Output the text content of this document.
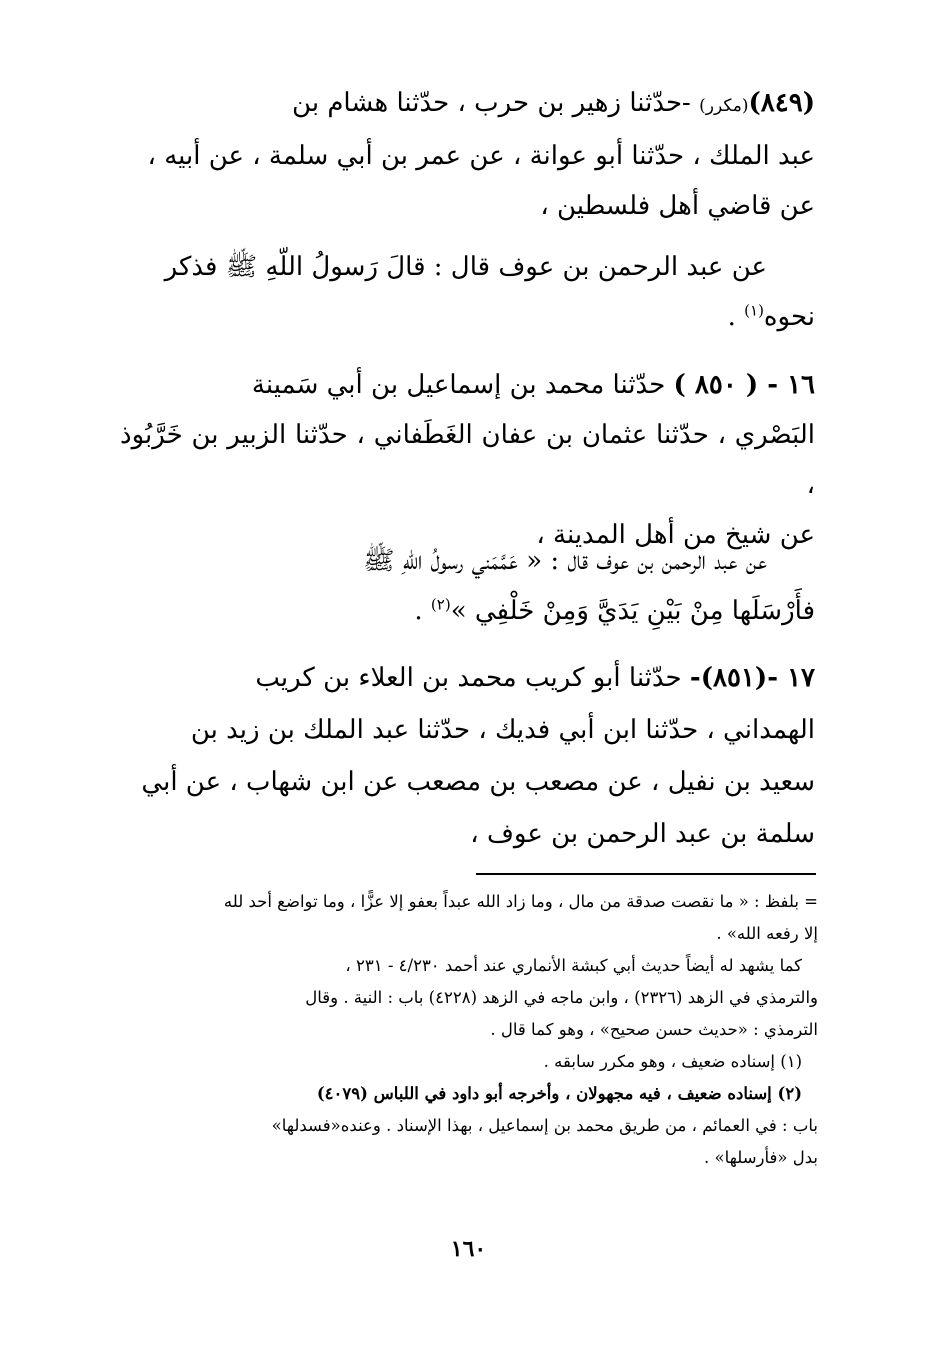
(٨٤٩)(مكرر) -حدّثنا زهير بن حرب ، حدّثنا هشام بن

عبد الملك ، حدّثنا أبو عوانة ، عن عمر بن أبي سلمة ، عن أبيه ،

عن قاضي أهل فلسطين ،

عن عبد الرحمن بن عوف قال : قالَ رَسولُ اللّهِ ﷺ فذكر

نحوه$^{(١)}$ .

١٦ - ( ٨٥٠ ) حدّثنا محمد بن إسماعيل بن أبي سَمينة

البَصْري ، حدّثنا عثمان بن عفان الغَطَفاني ، حدّثنا الزبير بن خَرَّبُوذ ،

عن شيخ من أهل المدينة ،

عن عبد الرحمن بن عوف قال : « عَمَّمَني رسولُ اللّهِ ﷺ

فأَرْسَلَها مِنْ بَيْنِ يَدَيَّ وَمِنْ خَلْفِي »$^{(٢)}$ .

١٧ -(٨٥١)- حدّثنا أبو كريب محمد بن العلاء بن كريب

الهمداني ، حدّثنا ابن أبي فديك ، حدّثنا عبد الملك بن زيد بن

سعيد بن نفيل ، عن مصعب بن مصعب عن ابن شهاب ، عن أبي

سلمة بن عبد الرحمن بن عوف ،

= بلفظ : « ما نقصت صدقة من مال ، وما زاد الله عبداً بعفو إلا عزًّا ، وما تواضع أحد لله

إلا رفعه الله» .

كما يشهد له أيضاً حديث أبي كبشة الأنماري عند أحمد ٤/٢٣٠ - ٢٣١ ،

والترمذي في الزهد (٢٣٢٦) ، وابن ماجه في الزهد (٤٢٢٨) باب : النية . وقال

الترمذي : «حديث حسن صحيح» ، وهو كما قال .

(١) إسناده ضعيف ، وهو مكرر سابقه .

(٢) إسناده ضعيف ، فيه مجهولان ، وأخرجه أبو داود في اللباس (٤٠٧٩)

باب : في العمائم ، من طريق محمد بن إسماعيل ، بهذا الإسناد . وعنده«فسدلها»

بدل «فأرسلها» .

١٦٠
